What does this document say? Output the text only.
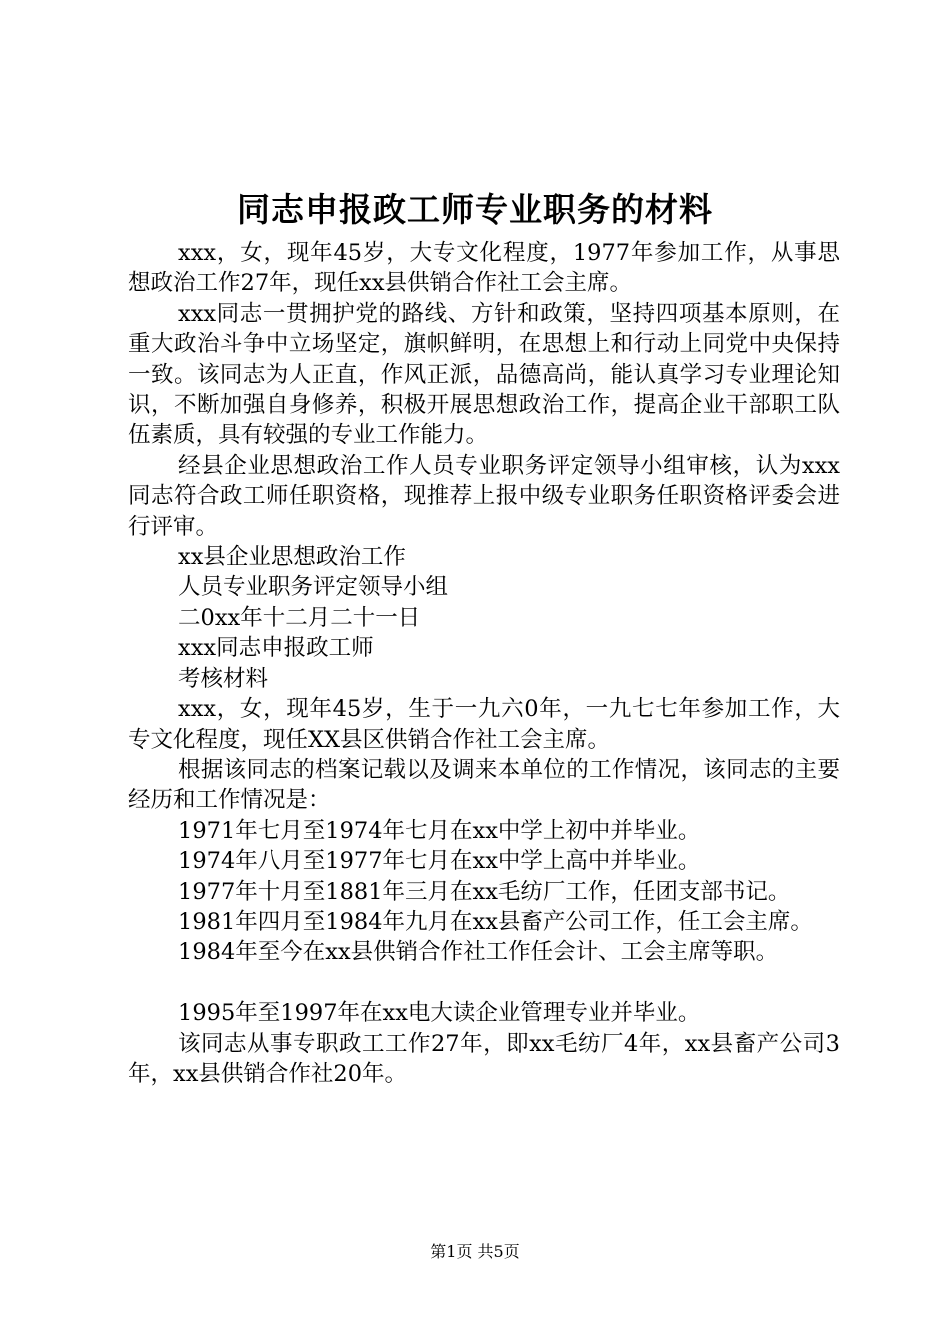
同志申报政工师专业职务的材料

xxx，女，现年45岁，大专文化程度，1977年参加工作，从事思想政治工作27年，现任xx县供销合作社工会主席。

xxx同志一贯拥护党的路线、方针和政策，坚持四项基本原则，在重大政治斗争中立场坚定，旗帜鲜明，在思想上和行动上同党中央保持一致。该同志为人正直，作风正派，品德高尚，能认真学习专业理论知识，不断加强自身修养，积极开展思想政治工作，提高企业干部职工队伍素质，具有较强的专业工作能力。

经县企业思想政治工作人员专业职务评定领导小组审核，认为xxx同志符合政工师任职资格，现推荐上报中级专业职务任职资格评委会进行评审。

xx县企业思想政治工作

人员专业职务评定领导小组

二0xx年十二月二十一日

xxx同志申报政工师

考核材料

xxx，女，现年45岁，生于一九六0年，一九七七年参加工作，大专文化程度，现任XX县区供销合作社工会主席。

根据该同志的档案记载以及调来本单位的工作情况，该同志的主要经历和工作情况是：

1971年七月至1974年七月在xx中学上初中并毕业。

1974年八月至1977年七月在xx中学上高中并毕业。

1977年十月至1881年三月在xx毛纺厂工作，任团支部书记。

1981年四月至1984年九月在xx县畜产公司工作，任工会主席。

1984年至今在xx县供销合作社工作任会计、工会主席等职。

1995年至1997年在xx电大读企业管理专业并毕业。

该同志从事专职政工工作27年，即xx毛纺厂4年，xx县畜产公司3年，xx县供销合作社20年。

第1页 共5页
